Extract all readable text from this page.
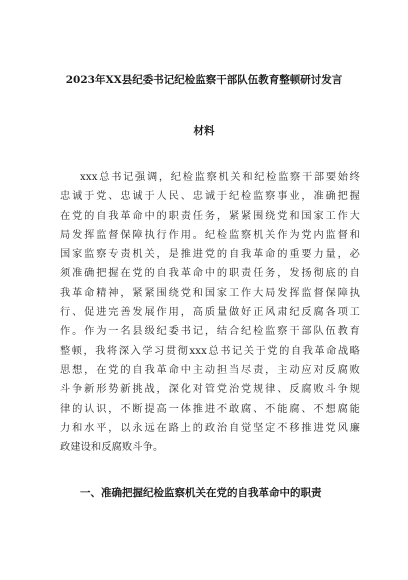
2023年XX县纪委书记纪检监察干部队伍教育整顿研讨发言
材料
xxx总书记强调，纪检监察机关和纪检监察干部要始终
忠诚于党、忠诚于人民、忠诚于纪检监察事业，准确把握
在党的自我革命中的职责任务，紧紧围绕党和国家工作大
局发挥监督保障执行作用。纪检监察机关作为党内监督和
国家监察专责机关，是推进党的自我革命的重要力量，必
须准确把握在党的自我革命中的职责任务，发扬彻底的自
我革命精神，紧紧围绕党和国家工作大局发挥监督保障执
行、促进完善发展作用，高质量做好正风肃纪反腐各项工
作。作为一名县级纪委书记，结合纪检监察干部队伍教育
整顿，我将深入学习贯彻xxx总书记关于党的自我革命战略
思想，在党的自我革命中主动担当尽责，主动应对反腐败
斗争新形势新挑战，深化对管党治党规律、反腐败斗争规
律的认识，不断提高一体推进不敢腐、不能腐、不想腐能
力和水平，以永远在路上的政治自觉坚定不移推进党风廉
政建设和反腐败斗争。
一、准确把握纪检监察机关在党的自我革命中的职责
